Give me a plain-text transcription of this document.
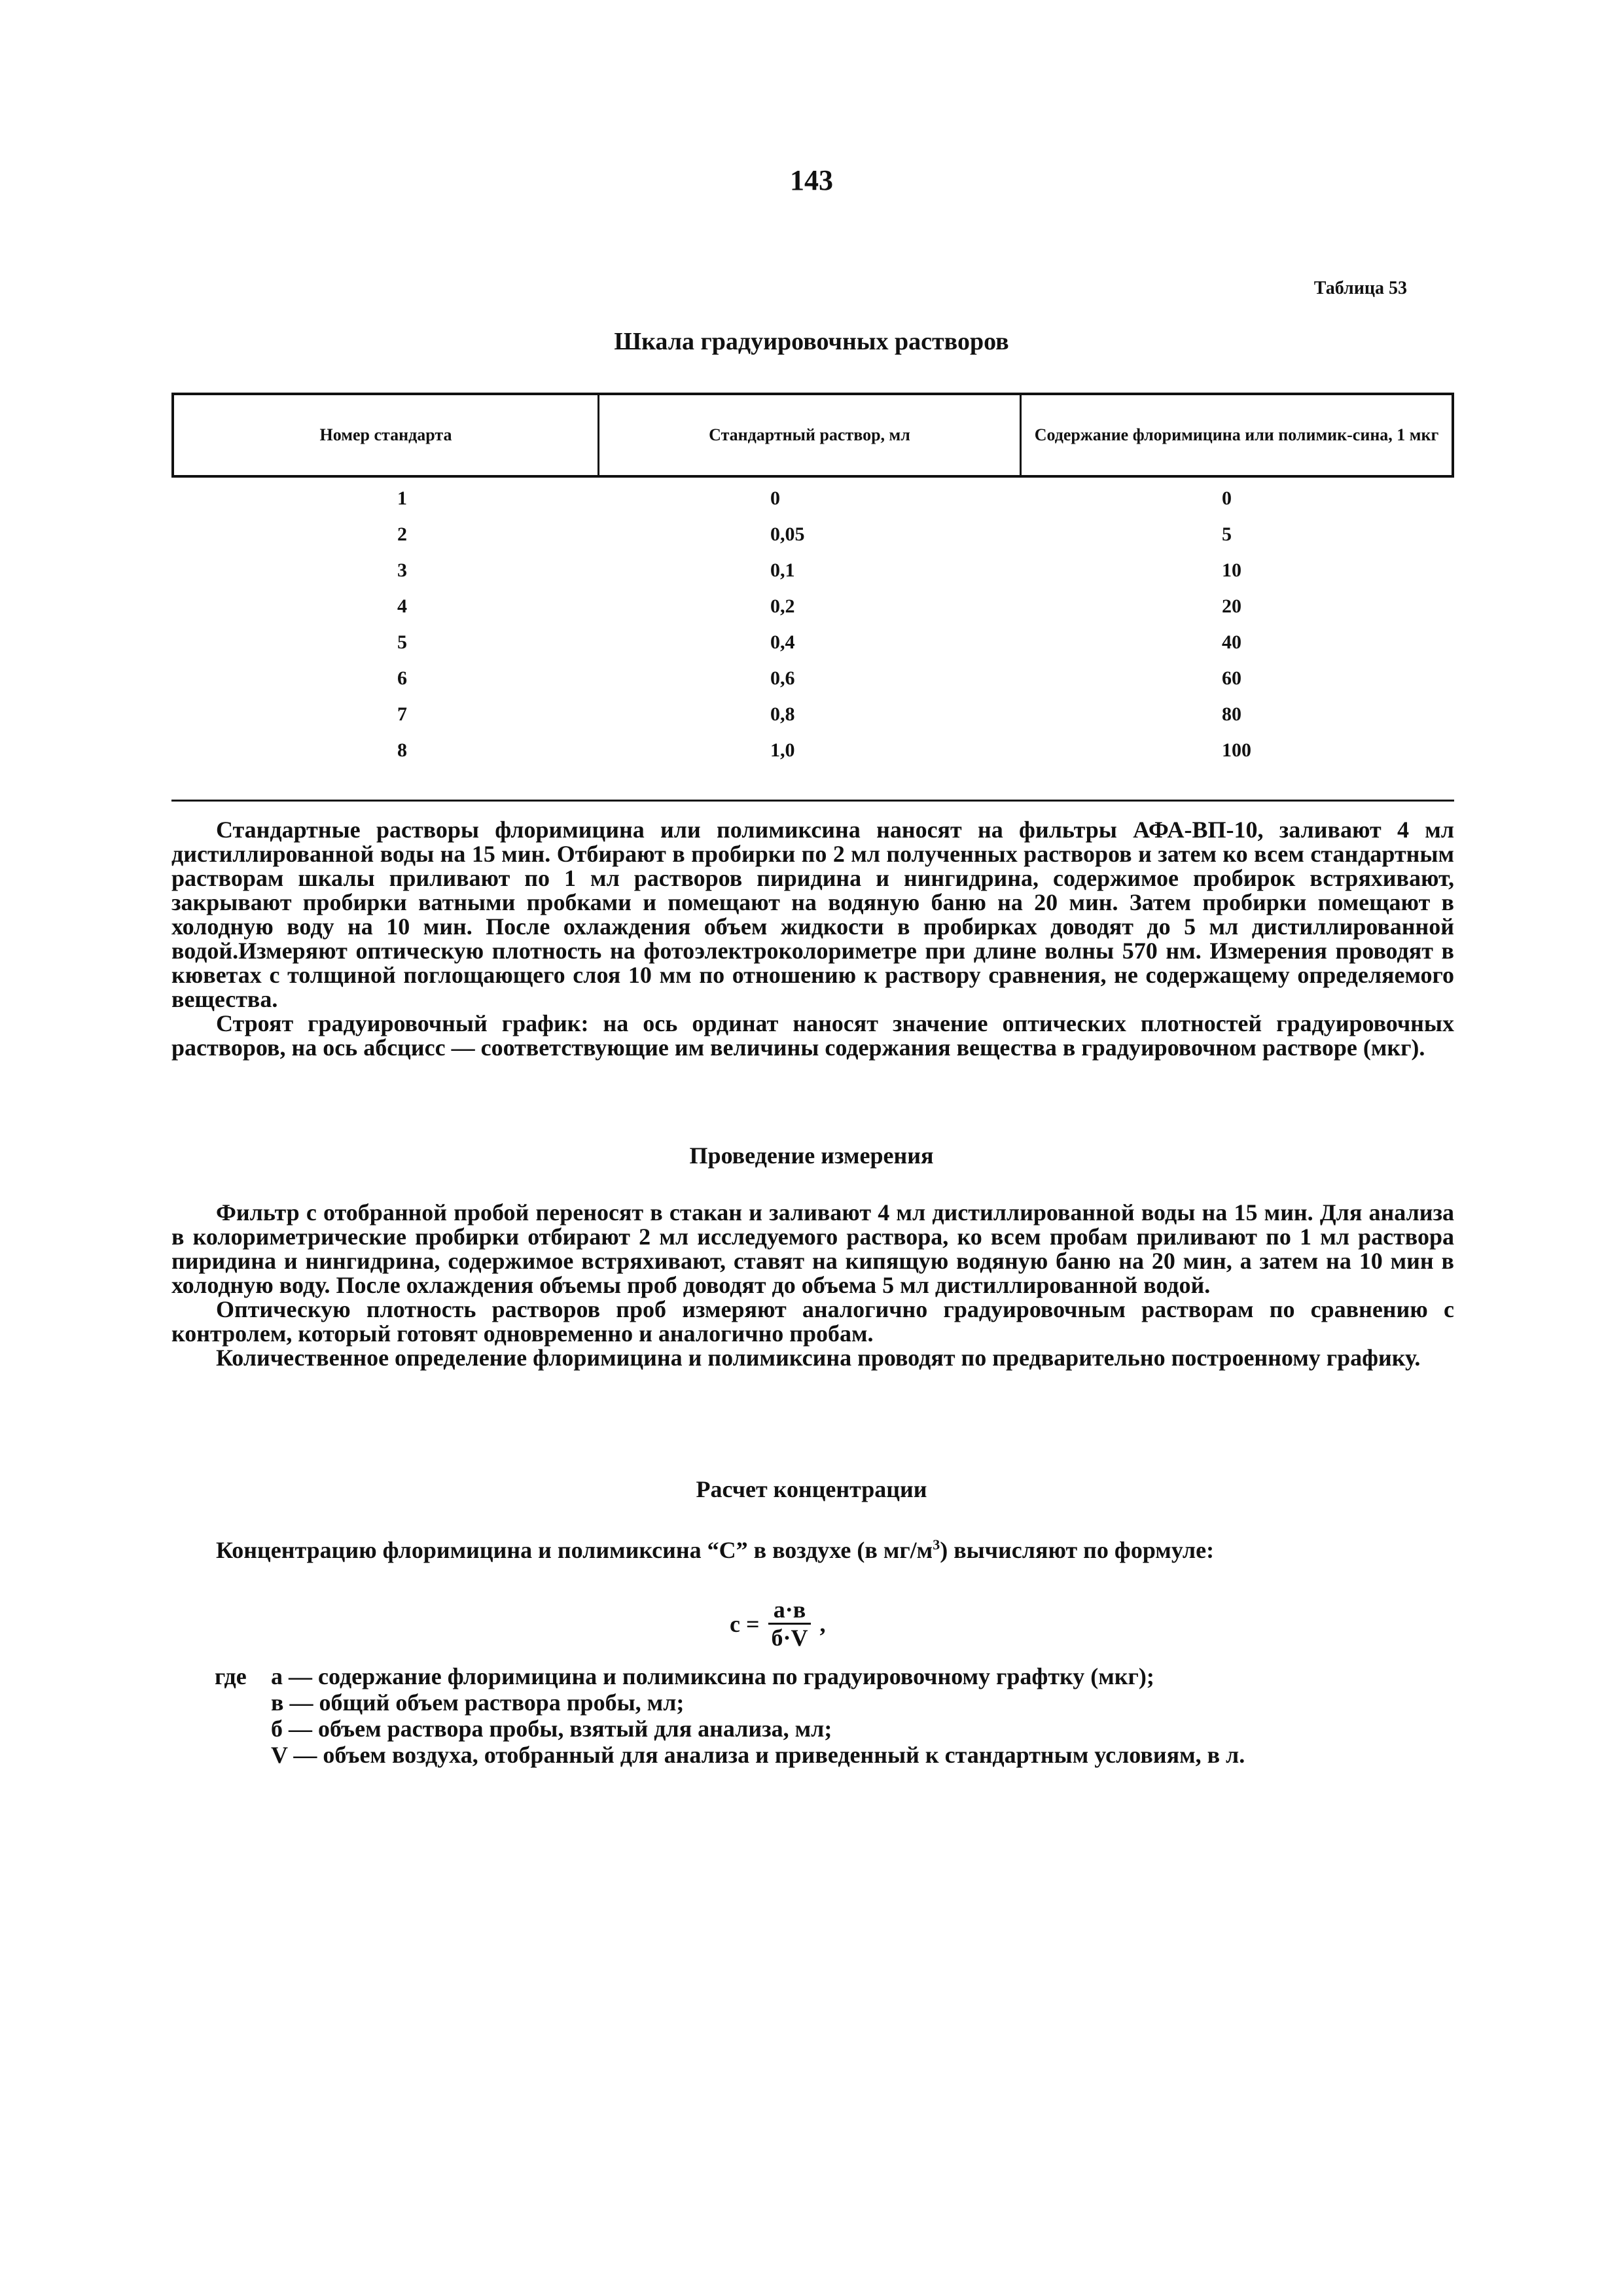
143
Таблица 53
Шкала градуировочных растворов
Номер стандарта	Стандартный раствор, мл	Содержание флоримицина или полимик-сина, 1 мкг
1	0	0
2	0,05	5
3	0,1	10
4	0,2	20
5	0,4	40
6	0,6	60
7	0,8	80
8	1,0	100

Стандартные растворы флоримицина или полимиксина наносят на фильтры АФА-ВП-10, заливают 4 мл дистиллированной воды на 15 мин. Отбирают в пробирки по 2 мл полученных растворов и затем ко всем стандартным растворам шкалы приливают по 1 мл растворов пиридина и нингидрина, содержимое пробирок встряхивают, закрывают пробирки ватными пробками и помещают на водяную баню на 20 мин. Затем пробирки помещают в холодную воду на 10 мин. После охлаждения объем жидкости в пробирках доводят до 5 мл дистиллированной водой.Измеряют оптическую плотность на фотоэлектроколориметре при длине волны 570 нм. Измерения проводят в кюветах с толщиной поглощающего слоя 10 мм по отношению к раствору сравнения, не содержащему определяемого вещества.

Строят градуировочный график: на ось ординат наносят значение оптических плотностей градуировочных растворов, на ось абсцисс — соответствующие им величины содержания вещества в градуировочном растворе (мкг).

Проведение измерения

Фильтр с отобранной пробой переносят в стакан и заливают 4 мл дистиллированной воды на 15 мин. Для анализа в колориметрические пробирки отбирают 2 мл исследуемого раствора, ко всем пробам приливают по 1 мл раствора пиридина и нингидрина, содержимое встряхивают, ставят на кипящую водяную баню на 20 мин, а затем на 10 мин в холодную воду. После охлаждения объемы проб доводят до объема 5 мл дистиллированной водой.

Оптическую плотность растворов проб измеряют аналогично градуировочным растворам по сравнению с контролем, который готовят одновременно и аналогично пробам.

Количественное определение флоримицина и полимиксина проводят по предварительно построенному графику.

Расчет концентрации
Концентрацию флоримицина и полимиксина “С” в воздухе (в $мг/м^3$) вычисляют по формуле:
$с = \frac{а\cdot в}{б\cdot V}$ ,
где	а — содержание флоримицина и полимиксина по градуировочному графтку (мкг);
в — общий объем раствора пробы, мл;
б — объем раствора пробы, взятый для анализа, мл;
V — объем воздуха, отобранный для анализа и приведенный к стандартным условиям, в л.
